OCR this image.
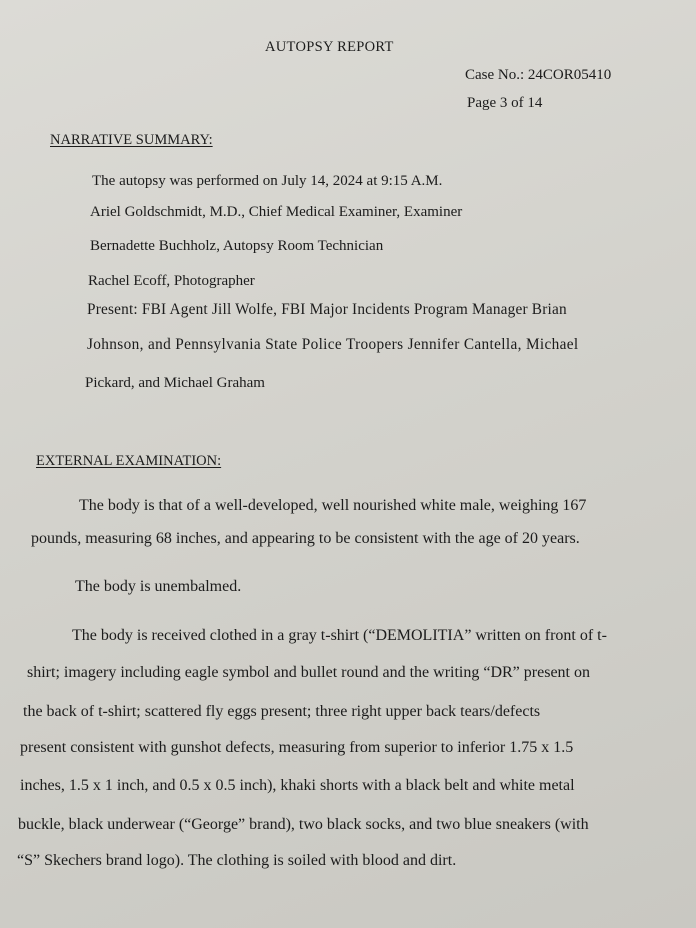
AUTOPSY REPORT
Case No.: 24COR05410
Page 3 of 14
NARRATIVE SUMMARY:
The autopsy was performed on July 14, 2024 at 9:15 A.M.
Ariel Goldschmidt, M.D., Chief Medical Examiner, Examiner
Bernadette Buchholz, Autopsy Room Technician
Rachel Ecoff, Photographer
Present: FBI Agent Jill Wolfe, FBI Major Incidents Program Manager Brian
Johnson, and Pennsylvania State Police Troopers Jennifer Cantella, Michael
Pickard, and Michael Graham
EXTERNAL EXAMINATION:
The body is that of a well-developed, well nourished white male, weighing 167
pounds, measuring 68 inches, and appearing to be consistent with the age of 20 years.
The body is unembalmed.
The body is received clothed in a gray t-shirt (“DEMOLITIA” written on front of t-
shirt; imagery including eagle symbol and bullet round and the writing “DR” present on
the back of t-shirt; scattered fly eggs present; three right upper back tears/defects
present consistent with gunshot defects, measuring from superior to inferior 1.75 x 1.5
inches, 1.5 x 1 inch, and 0.5 x 0.5 inch), khaki shorts with a black belt and white metal
buckle, black underwear (“George” brand), two black socks, and two blue sneakers (with
“S” Skechers brand logo). The clothing is soiled with blood and dirt.
